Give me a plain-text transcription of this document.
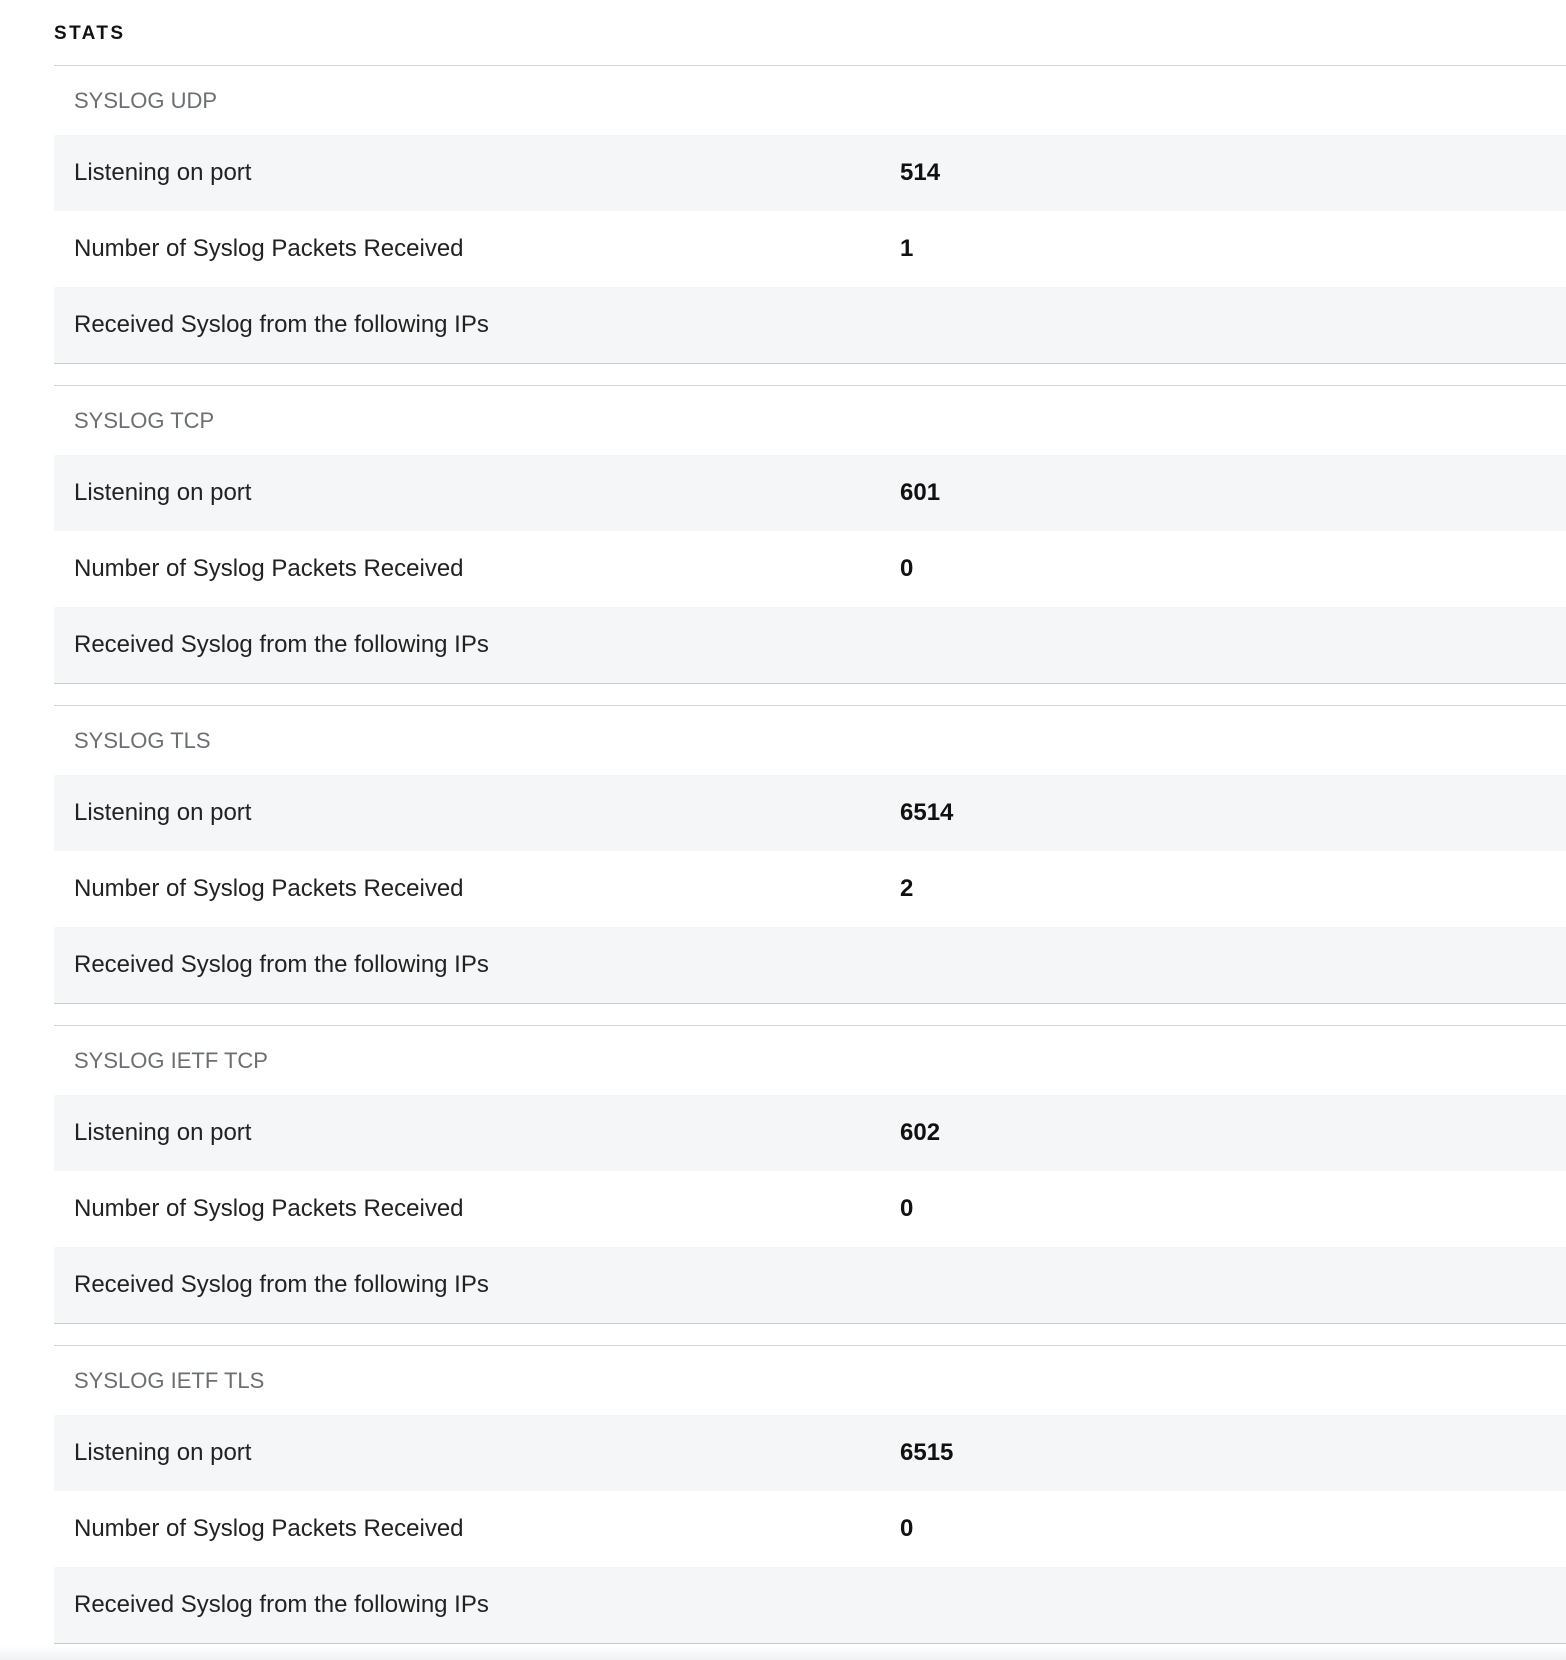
STATS
SYSLOG UDP
Listening on port	514
Number of Syslog Packets Received	1
Received Syslog from the following IPs
SYSLOG TCP
Listening on port	601
Number of Syslog Packets Received	0
Received Syslog from the following IPs
SYSLOG TLS
Listening on port	6514
Number of Syslog Packets Received	2
Received Syslog from the following IPs
SYSLOG IETF TCP
Listening on port	602
Number of Syslog Packets Received	0
Received Syslog from the following IPs
SYSLOG IETF TLS
Listening on port	6515
Number of Syslog Packets Received	0
Received Syslog from the following IPs
